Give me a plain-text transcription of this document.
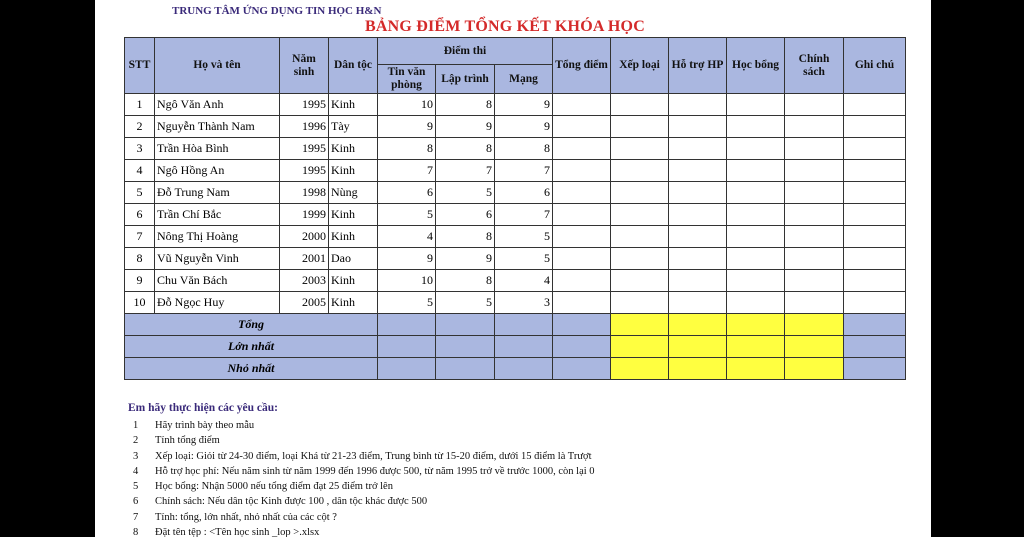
TRUNG TÂM ỨNG DỤNG TIN HỌC H&N
BẢNG ĐIỂM TỔNG KẾT KHÓA HỌC
STT	Họ và tên	Năm sinh	Dân tộc	Điểm thi			Tổng điểm	Xếp loại	Hỗ trợ HP	Học bổng	Chính sách	Ghi chú
				Tin văn phòng	Lập trình	Mạng						
1	Ngô Văn Anh	1995	Kinh	10	8	9						
2	Nguyễn Thành Nam	1996	Tày	9	9	9						
3	Trần Hòa Bình	1995	Kinh	8	8	8						
4	Ngô Hồng An	1995	Kinh	7	7	7						
5	Đỗ Trung Nam	1998	Nùng	6	5	6						
6	Trần Chí Bắc	1999	Kinh	5	6	7						
7	Nông Thị Hoàng	2000	Kinh	4	8	5						
8	Vũ Nguyễn Vinh	2001	Dao	9	9	5						
9	Chu Văn Bách	2003	Kinh	10	8	4						
10	Đỗ Ngọc Huy	2005	Kinh	5	5	3						
Tổng												
Lớn nhất												
Nhỏ nhất												
Em hãy thực hiện các yêu cầu:
1 Hãy trình bày theo mẫu
2 Tính tổng điểm
3 Xếp loại: Giỏi từ 24-30 điểm, loại Khá từ 21-23 điểm, Trung bình từ 15-20 điểm, dưới 15 điểm là Trượt
4 Hỗ trợ học phí: Nếu năm sinh từ năm 1999 đến 1996 được 500, từ năm 1995 trở về trước 1000, còn lại 0
5 Học bổng: Nhận 5000 nếu tổng điểm đạt 25 điểm trở lên
6 Chính sách: Nếu dân tộc Kinh được 100 , dân tộc khác được 500
7 Tính: tổng, lớn nhất, nhỏ nhất của các cột ?
8 Đặt tên tệp : <Tên học sinh _lop >.xlsx
